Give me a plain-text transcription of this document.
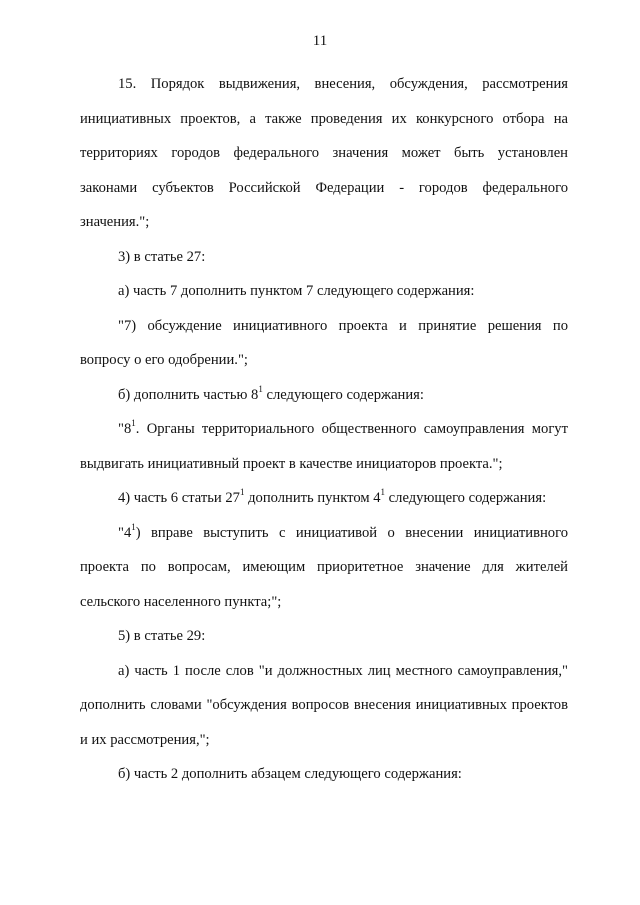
11

15. Порядок выдвижения, внесения, обсуждения, рассмотрения инициативных проектов, а также проведения их конкурсного отбора на территориях городов федерального значения может быть установлен законами субъектов Российской Федерации - городов федерального значения.";

3) в статье 27:

а) часть 7 дополнить пунктом 7 следующего содержания:

"7) обсуждение инициативного проекта и принятие решения по вопросу о его одобрении.";

б) дополнить частью $8^1$ следующего содержания:

"$8^1$. Органы территориального общественного самоуправления могут выдвигать инициативный проект в качестве инициаторов проекта.";

4) часть 6 статьи $27^1$ дополнить пунктом $4^1$ следующего содержания:

"$4^1$) вправе выступить с инициативой о внесении инициативного проекта по вопросам, имеющим приоритетное значение для жителей сельского населенного пункта;";

5) в статье 29:

а) часть 1 после слов "и должностных лиц местного самоуправления," дополнить словами "обсуждения вопросов внесения инициативных проектов и их рассмотрения,";

б) часть 2 дополнить абзацем следующего содержания:
